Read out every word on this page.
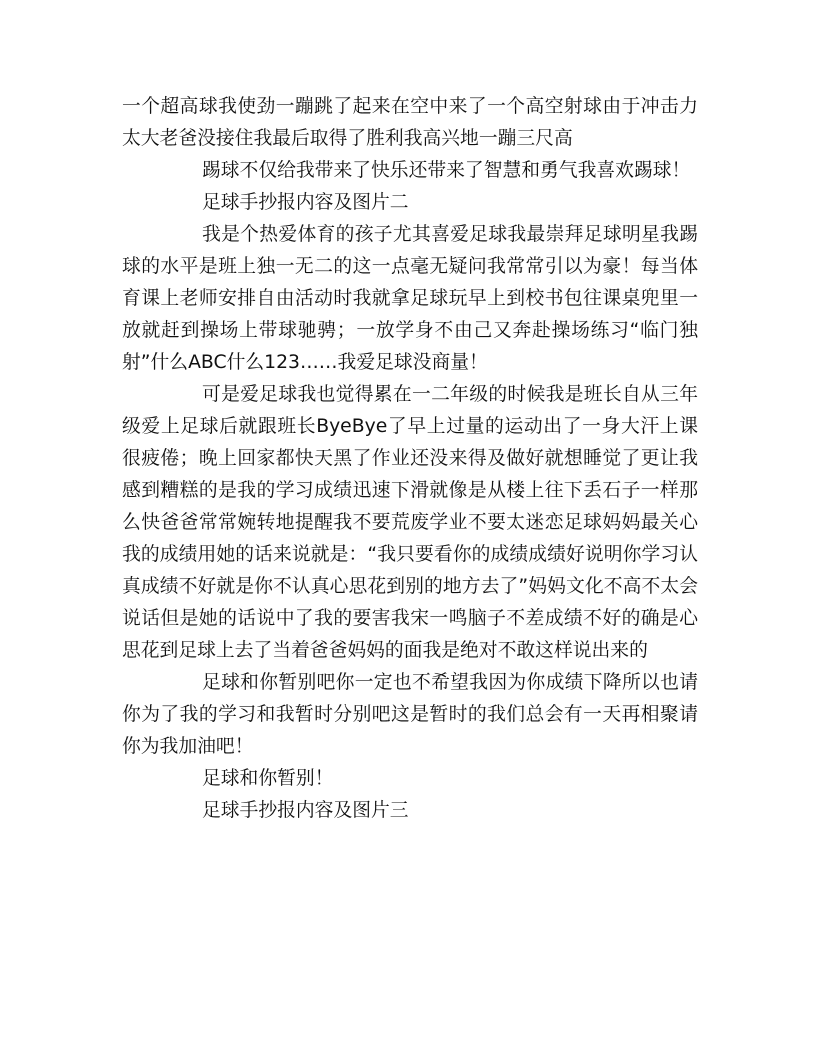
一个超高球我使劲一蹦跳了起来在空中来了一个高空射球由于冲击力太大老爸没接住我最后取得了胜利我高兴地一蹦三尺高

踢球不仅给我带来了快乐还带来了智慧和勇气我喜欢踢球！

足球手抄报内容及图片二

我是个热爱体育的孩子尤其喜爱足球我最崇拜足球明星我踢球的水平是班上独一无二的这一点毫无疑问我常常引以为豪！每当体育课上老师安排自由活动时我就拿足球玩早上到校书包往课桌兜里一放就赶到操场上带球驰骋；一放学身不由己又奔赴操场练习“临门独射”什么ABC什么123……我爱足球没商量！

可是爱足球我也觉得累在一二年级的时候我是班长自从三年级爱上足球后就跟班长ByeBye了早上过量的运动出了一身大汗上课很疲倦；晚上回家都快天黑了作业还没来得及做好就想睡觉了更让我感到糟糕的是我的学习成绩迅速下滑就像是从楼上往下丢石子一样那么快爸爸常常婉转地提醒我不要荒废学业不要太迷恋足球妈妈最关心我的成绩用她的话来说就是：“我只要看你的成绩成绩好说明你学习认真成绩不好就是你不认真心思花到别的地方去了”妈妈文化不高不太会说话但是她的话说中了我的要害我宋一鸣脑子不差成绩不好的确是心思花到足球上去了当着爸爸妈妈的面我是绝对不敢这样说出来的

足球和你暂别吧你一定也不希望我因为你成绩下降所以也请你为了我的学习和我暂时分别吧这是暂时的我们总会有一天再相聚请你为我加油吧！

足球和你暂别！

足球手抄报内容及图片三
